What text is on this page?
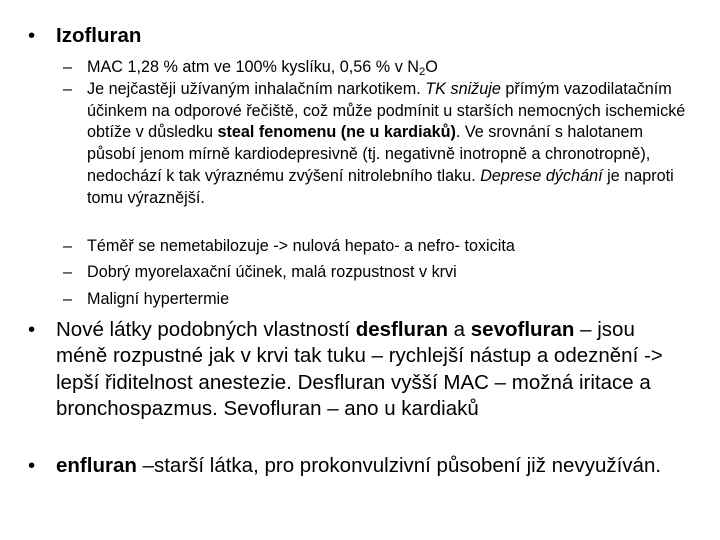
•	Izofluran
– MAC 1,28 % atm ve 100% kyslíku, 0,56 % v $N_2O$
– Je nejčastěji užívaným inhalačním narkotikem. TK snižuje přímým vazodilatačním účinkem na odporové řečiště, což může podmínit u starších nemocných ischemické obtíže v důsledku steal fenomenu (ne u kardiaků). Ve srovnání s halotanem působí jenom mírně kardiodepresivně (tj. negativně inotropně a chronotropně), nedochází k tak výraznému zvýšení nitrolebního tlaku. Deprese dýchání je naproti tomu výraznější.
– Téměř se nemetabilozuje -> nulová hepato- a nefro- toxicita
– Dobrý myorelaxační účinek, malá rozpustnost v krvi
– Maligní hypertermie
•	Nové látky podobných vlastností desfluran a sevofluran – jsou méně rozpustné jak v krvi tak tuku – rychlejší nástup a odeznění -> lepší řiditelnost anestezie. Desfluran vyšší MAC – možná iritace a bronchospazmus. Sevofluran – ano u kardiaků
•	enfluran –starší látka, pro prokonvulzivní působení již nevyužíván.
